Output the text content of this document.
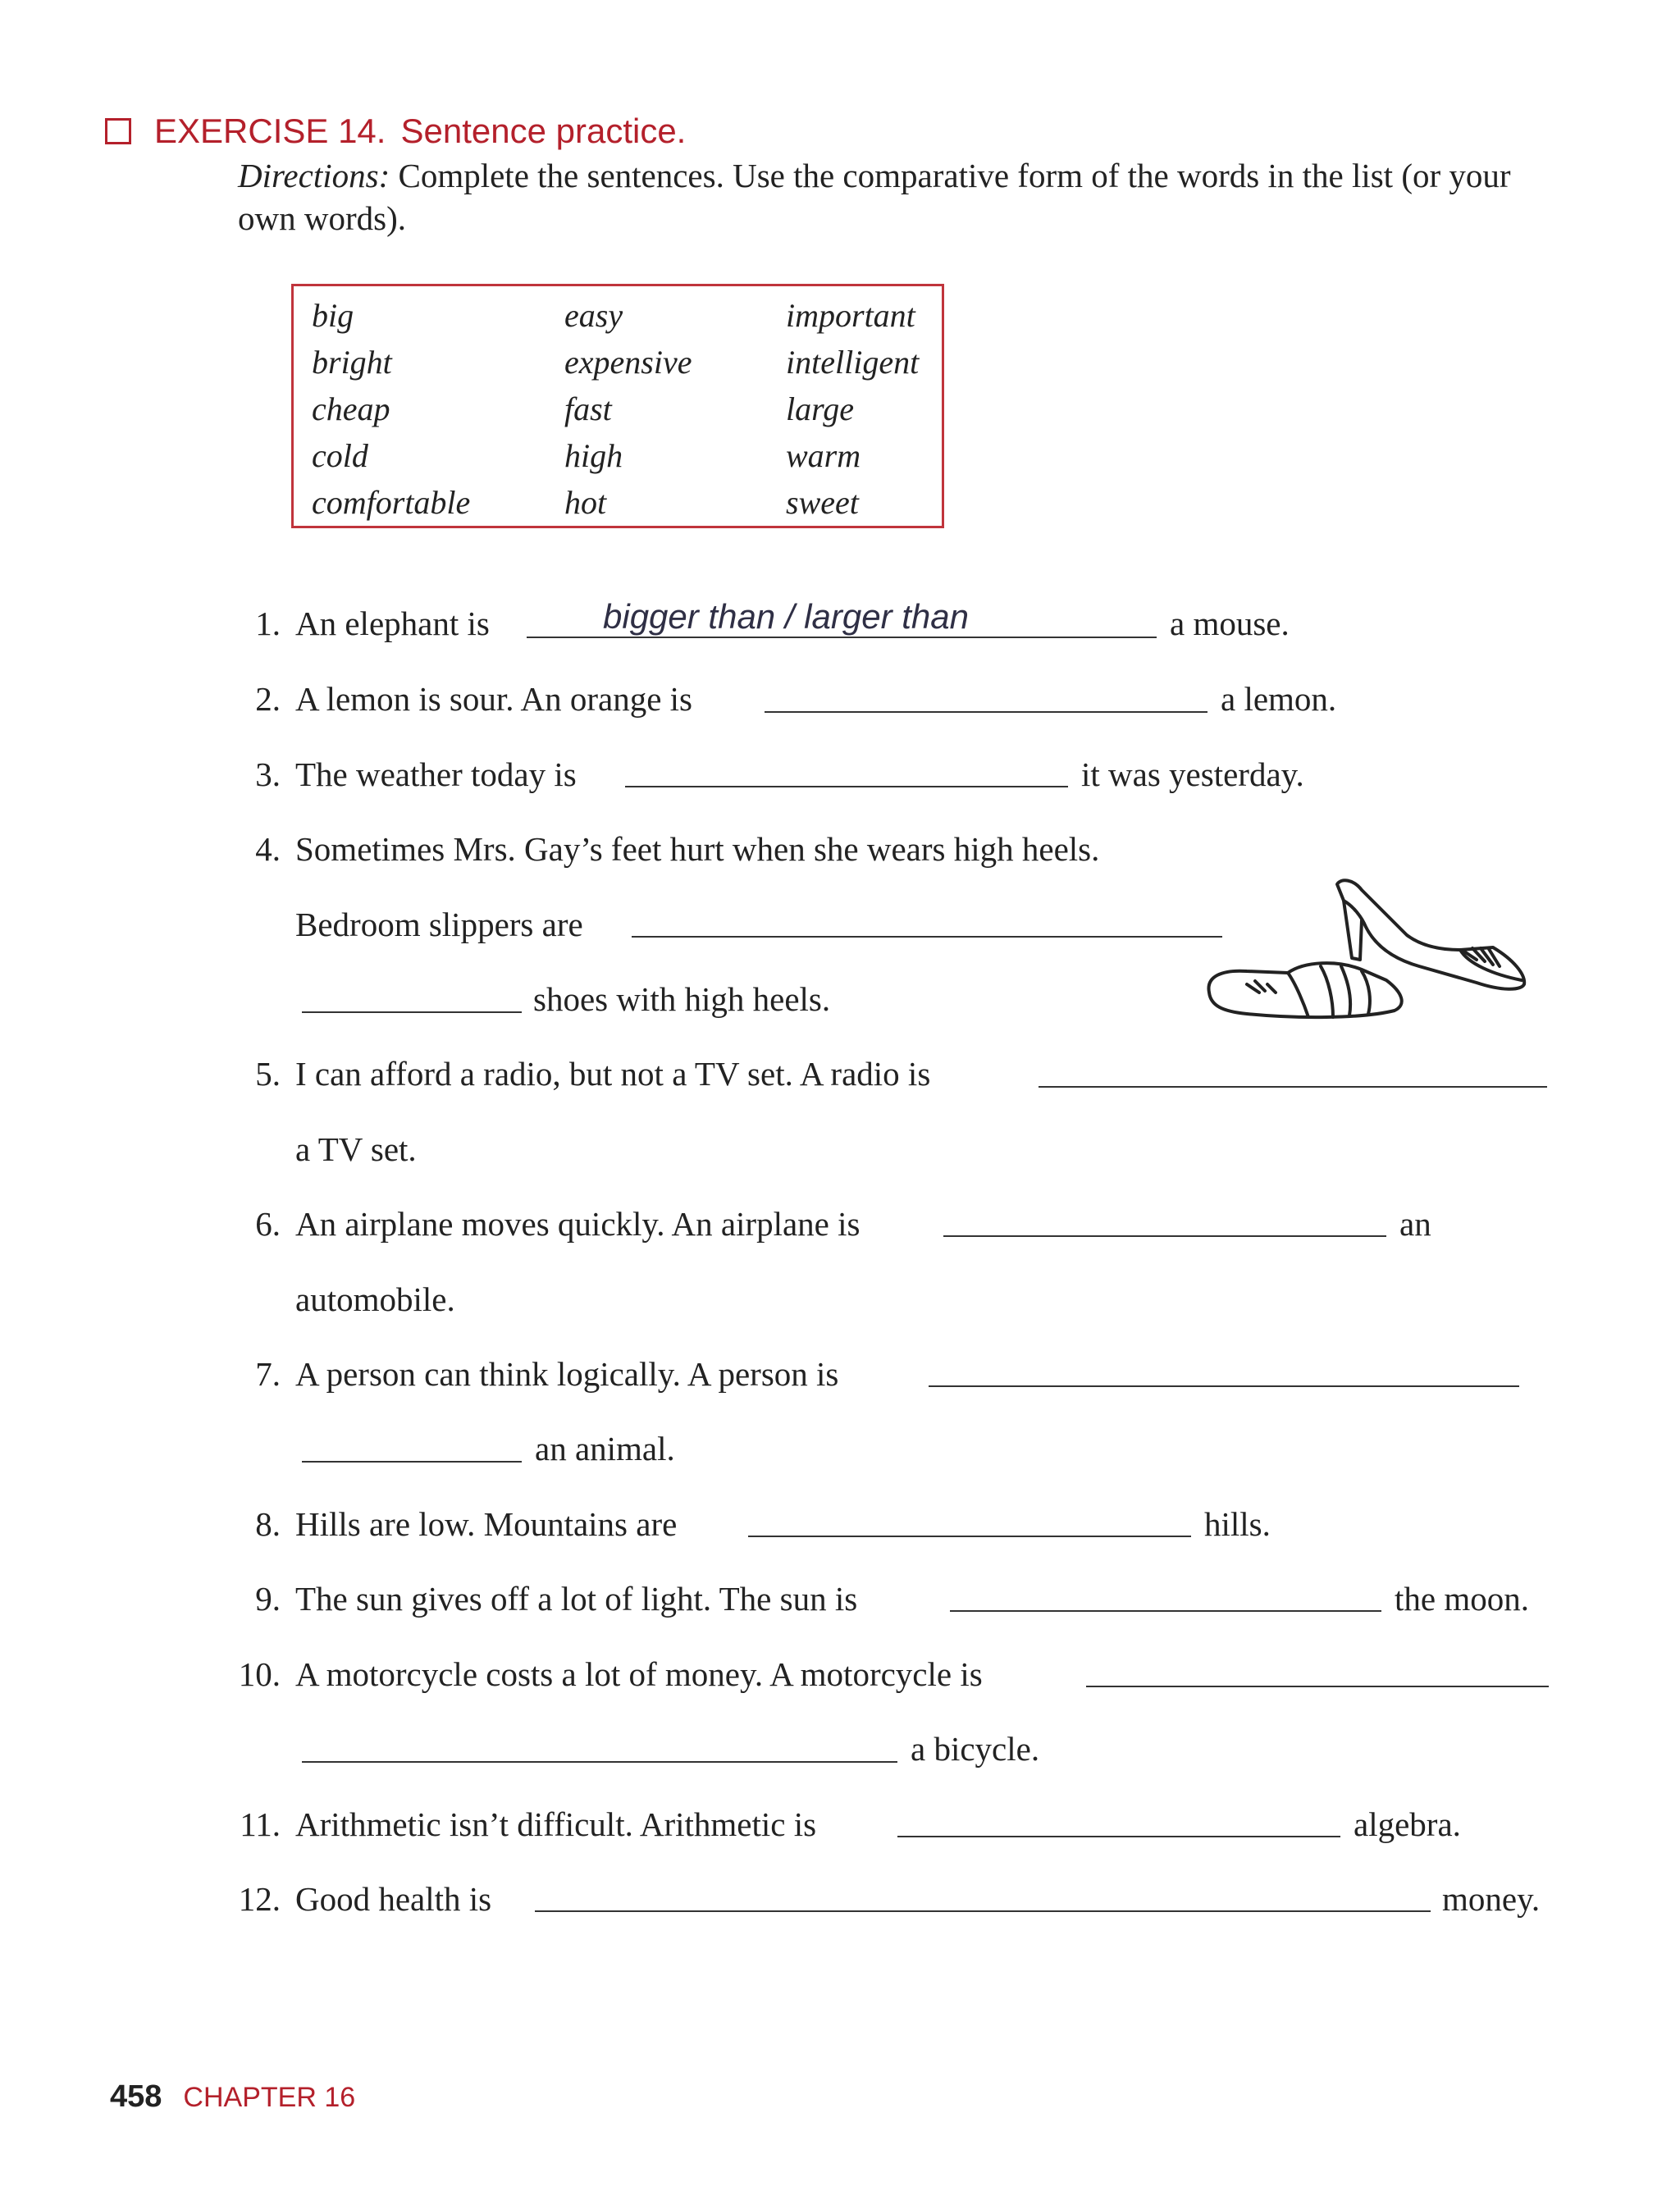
EXERCISE 14. Sentence practice.
Directions: Complete the sentences. Use the comparative form of the words in the list (or your own words).
big	easy	important
bright	expensive	intelligent
cheap	fast	large
cold	high	warm
comfortable	hot	sweet
1. An elephant is	bigger than / larger than	a mouse.
2. A lemon is sour. An orange is	a lemon.
3. The weather today is	it was yesterday.
4. Sometimes Mrs. Gay’s feet hurt when she wears high heels.
Bedroom slippers are
shoes with high heels.
5. I can afford a radio, but not a TV set. A radio is
a TV set.
6. An airplane moves quickly. An airplane is	an
automobile.
7. A person can think logically. A person is
an animal.
8. Hills are low. Mountains are	hills.
9. The sun gives off a lot of light. The sun is	the moon.
10. A motorcycle costs a lot of money. A motorcycle is
a bicycle.
11. Arithmetic isn’t difficult. Arithmetic is	algebra.
12. Good health is	money.
458 CHAPTER 16
